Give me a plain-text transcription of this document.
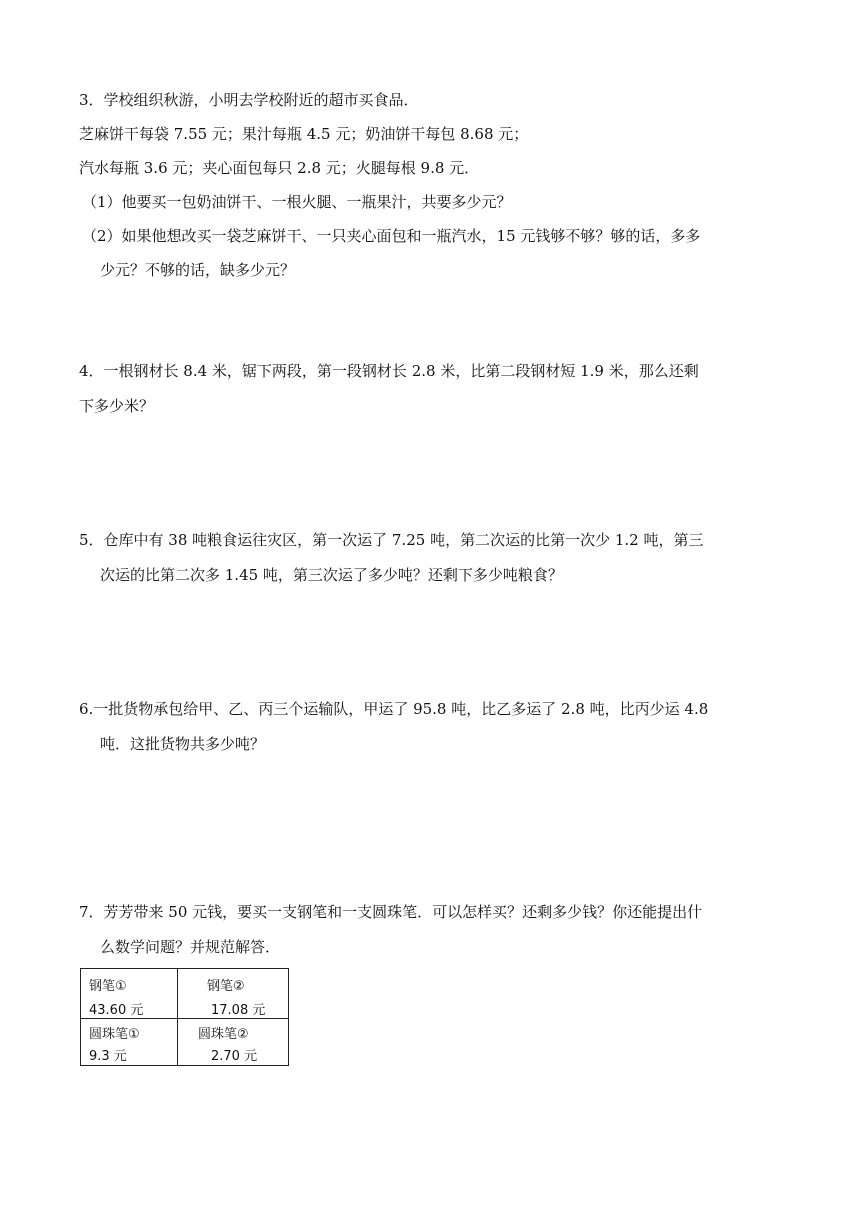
3．学校组织秋游，小明去学校附近的超市买食品．
芝麻饼干每袋 7.55 元；果汁每瓶 4.5 元；奶油饼干每包 8.68 元；
汽水每瓶 3.6 元；夹心面包每只 2.8 元；火腿每根 9.8 元．
（1）他要买一包奶油饼干、一根火腿、一瓶果汁，共要多少元？
（2）如果他想改买一袋芝麻饼干、一只夹心面包和一瓶汽水，15 元钱够不够？够的话，多多
少元？不够的话，缺多少元？
4．一根钢材长 8.4 米，锯下两段，第一段钢材长 2.8 米，比第二段钢材短 1.9 米，那么还剩
下多少米？
5．仓库中有 38 吨粮食运往灾区，第一次运了 7.25 吨，第二次运的比第一次少 1.2 吨，第三
次运的比第二次多 1.45 吨，第三次运了多少吨？还剩下多少吨粮食？
6.一批货物承包给甲、乙、丙三个运输队，甲运了 95.8 吨，比乙多运了 2.8 吨，比丙少运 4.8
吨．这批货物共多少吨？
7．芳芳带来 50 元钱，要买一支钢笔和一支圆珠笔．可以怎样买？还剩多少钱？你还能提出什
么数学问题？并规范解答．
钢笔①
43.60 元
钢笔②
17.08 元
圆珠笔①
9.3 元
圆珠笔②
2.70 元
